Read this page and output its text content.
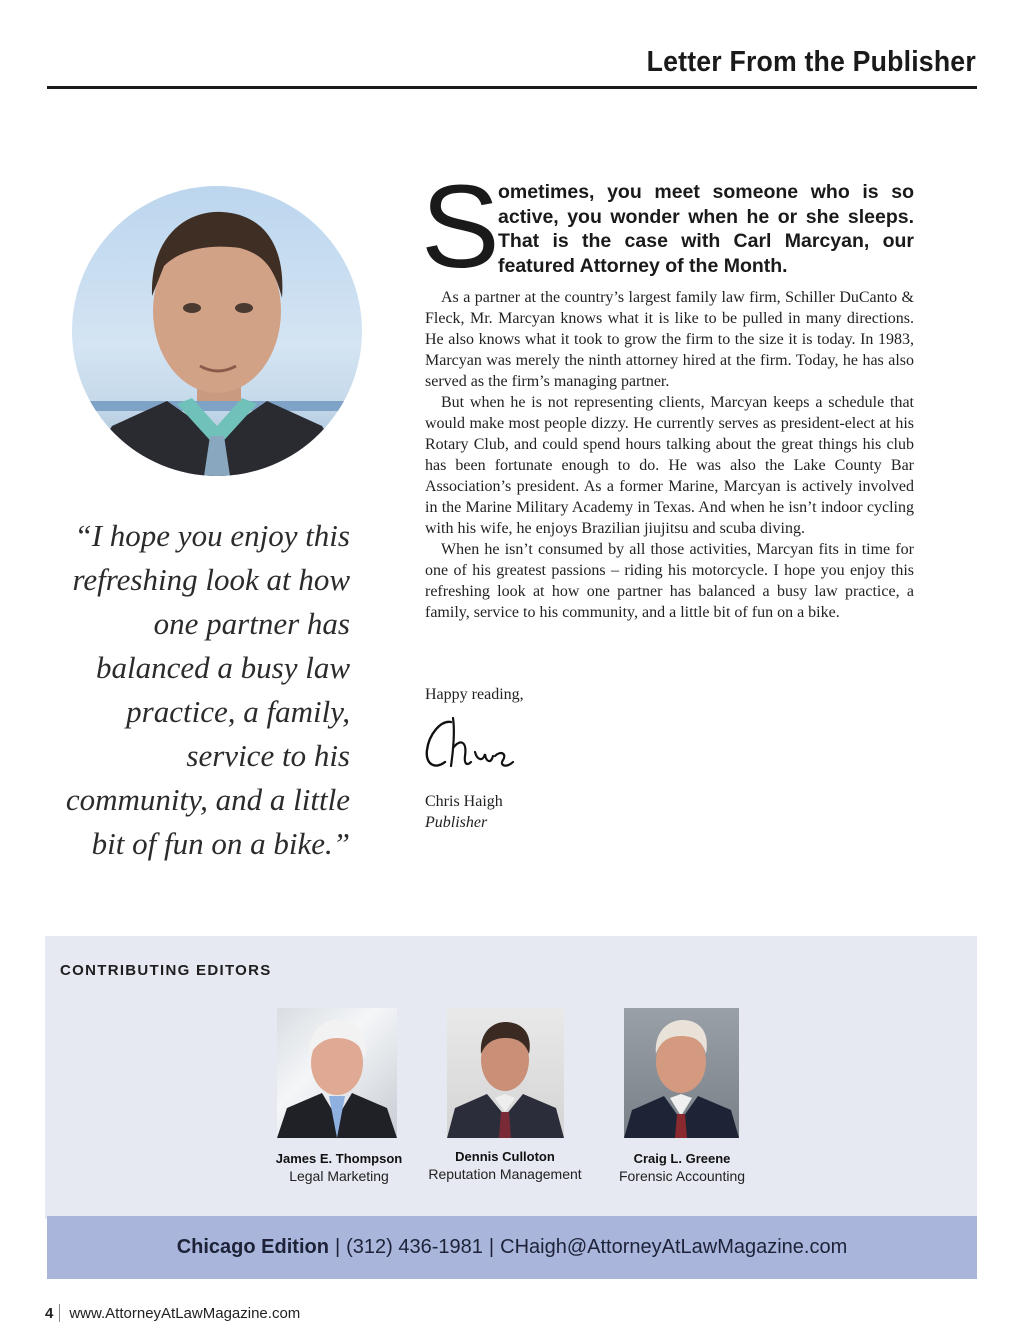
Letter From the Publisher
“I hope you enjoy this refreshing look at how one partner has balanced a busy law practice, a family, service to his community, and a little bit of fun on a bike.”
S
ometimes, you meet someone who is so active, you wonder when he or she sleeps. That is the case with Carl Marcyan, our featured Attorney of the Month.

As a partner at the country’s largest family law firm, Schiller DuCanto & Fleck, Mr. Marcyan knows what it is like to be pulled in many directions. He also knows what it took to grow the firm to the size it is today. In 1983, Marcyan was merely the ninth attorney hired at the firm. Today, he has also served as the firm’s managing partner.

But when he is not representing clients, Marcyan keeps a schedule that would make most people dizzy. He currently serves as president-elect at his Rotary Club, and could spend hours talking about the great things his club has been fortunate enough to do. He was also the Lake County Bar Association’s president. As a former Marine, Marcyan is actively involved in the Marine Military Academy in Texas. And when he isn’t indoor cycling with his wife, he enjoys Brazilian jiujitsu and scuba diving.

When he isn’t consumed by all those activities, Marcyan fits in time for one of his greatest passions – riding his motorcycle. I hope you enjoy this refreshing look at how one partner has balanced a busy law practice, a family, service to his community, and a little bit of fun on a bike.

Happy reading,
Chris Haigh
Publisher
CONTRIBUTING EDITORS
James E. Thompson
Legal Marketing
Dennis Culloton
Reputation Management
Craig L. Greene
Forensic Accounting
Chicago Edition | (312) 436-1981 | CHaigh@AttorneyAtLawMagazine.com
4 www.AttorneyAtLawMagazine.com
